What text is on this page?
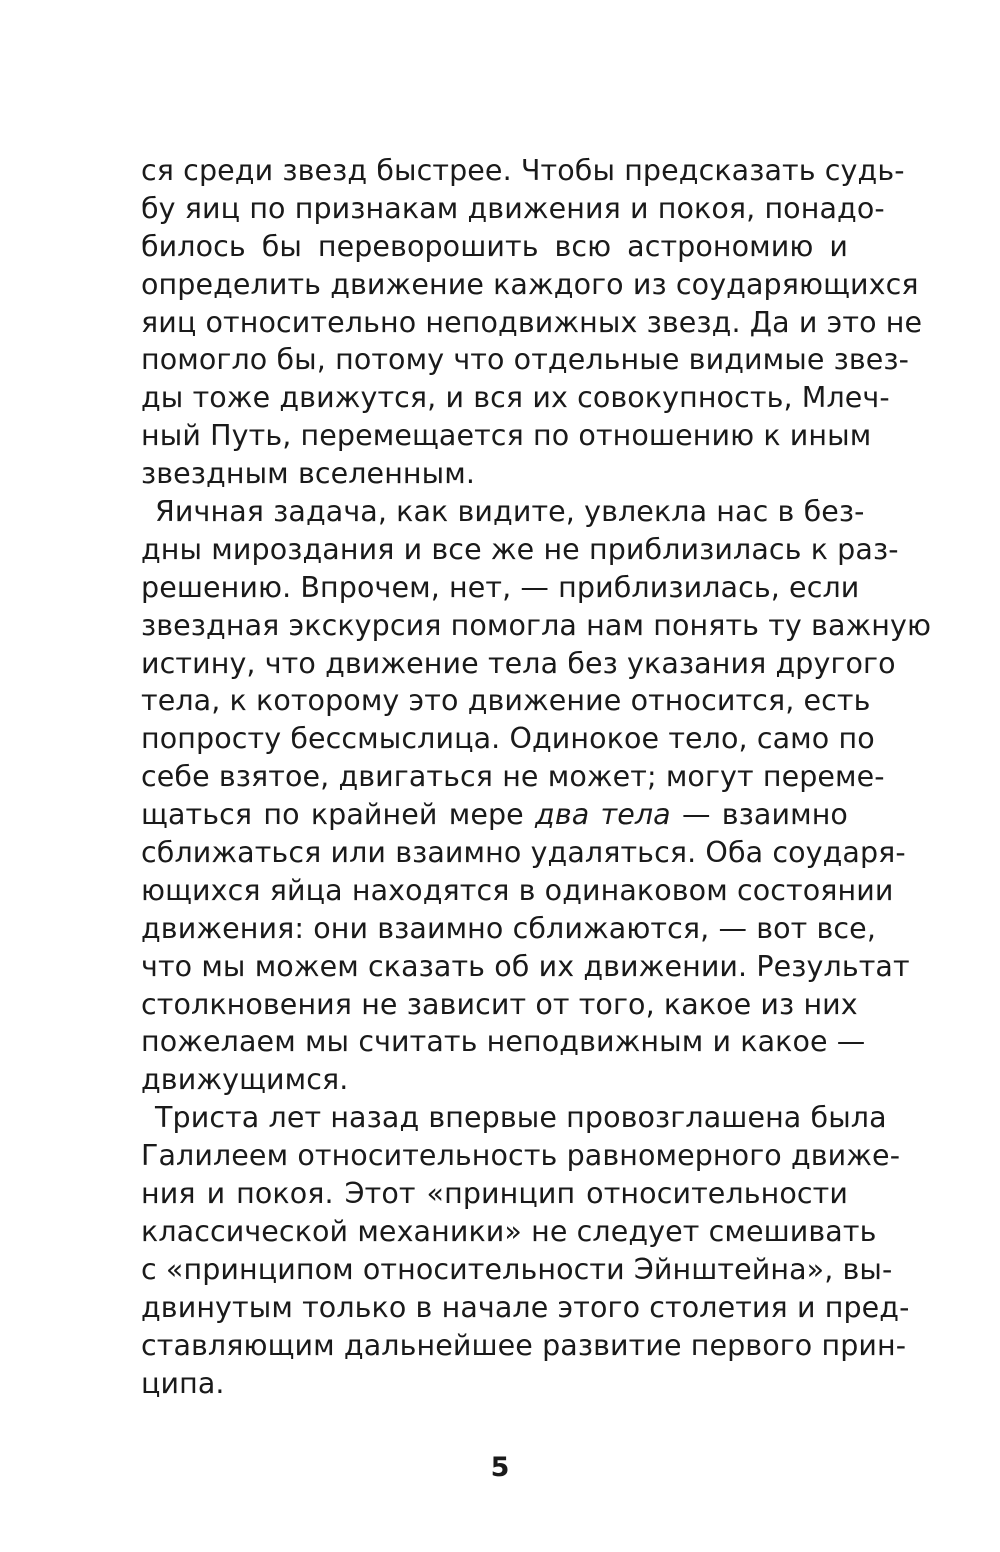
ся среди звезд быстрее. Чтобы предсказать судь-
бу яиц по признакам движения и покоя, понадо-
билось бы переворошить всю астрономию и
определить движение каждого из соударяющихся
яиц относительно неподвижных звезд. Да и это не
помогло бы, потому что отдельные видимые звез-
ды тоже движутся, и вся их совокупность, Млеч-
ный Путь, перемещается по отношению к иным
звездным вселенным.
Яичная задача, как видите, увлекла нас в без-
дны мироздания и все же не приблизилась к раз-
решению. Впрочем, нет, — приблизилась, если
звездная экскурсия помогла нам понять ту важную
истину, что движение тела без указания другого
тела, к которому это движение относится, есть
попросту бессмыслица. Одинокое тело, само по
себе взятое, двигаться не может; могут переме-
щаться по крайней мере два тела — взаимно
сближаться или взаимно удаляться. Оба соударя-
ющихся яйца находятся в одинаковом состоянии
движения: они взаимно сближаются, — вот все,
что мы можем сказать об их движении. Результат
столкновения не зависит от того, какое из них
пожелаем мы считать неподвижным и какое —
движущимся.
Триста лет назад впервые провозглашена была
Галилеем относительность равномерного движе-
ния и покоя. Этот «принцип относительности
классической механики» не следует смешивать
с «принципом относительности Эйнштейна», вы-
двинутым только в начале этого столетия и пред-
ставляющим дальнейшее развитие первого прин-
ципа.
5
